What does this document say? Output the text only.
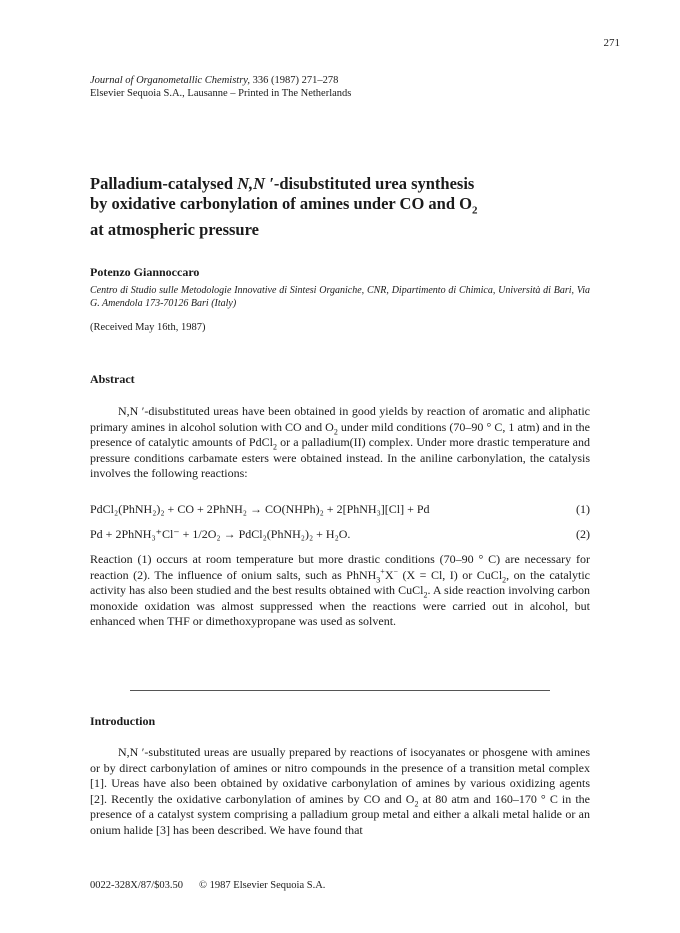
271
Journal of Organometallic Chemistry, 336 (1987) 271–278
Elsevier Sequoia S.A., Lausanne – Printed in The Netherlands
Palladium-catalysed N,N ′-disubstituted urea synthesis
by oxidative carbonylation of amines under CO and $O_2$
at atmospheric pressure
Potenzo Giannoccaro
Centro di Studio sulle Metodologie Innovative di Sintesi Organiche, CNR, Dipartimento di Chimica, Università di Bari, Via G. Amendola 173-70126 Bari (Italy)
(Received May 16th, 1987)
Abstract
N,N ′-disubstituted ureas have been obtained in good yields by reaction of aromatic and aliphatic primary amines in alcohol solution with CO and $O_2$ under mild conditions (70–90 ° C, 1 atm) and in the presence of catalytic amounts of PdCl$_2$ or a palladium(II) complex. Under more drastic temperature and pressure conditions carbamate esters were obtained instead. In the aniline carbonylation, the catalysis involves the following reactions:
PdCl₂(PhNH₂)₂ + CO + 2PhNH₂ → CO(NHPh)₂ + 2[PhNH₃][Cl] + Pd	(1)
Pd + 2PhNH₃⁺Cl⁻ + 1/2O₂ → PdCl₂(PhNH₂)₂ + H₂O.	(2)
Reaction (1) occurs at room temperature but more drastic conditions (70–90 ° C) are necessary for reaction (2). The influence of onium salts, such as PhNH$_3$+X− (X = Cl, I) or CuCl$_2$, on the catalytic activity has also been studied and the best results obtained with CuCl$_2$. A side reaction involving carbon monoxide oxidation was almost suppressed when the reactions were carried out in alcohol, but enhanced when THF or dimethoxypropane was used as solvent.
Introduction
N,N ′-substituted ureas are usually prepared by reactions of isocyanates or phosgene with amines or by direct carbonylation of amines or nitro compounds in the presence of a transition metal complex [1]. Ureas have also been obtained by oxidative carbonylation of amines by various oxidizing agents [2]. Recently the oxidative carbonylation of amines by CO and $O_2$ at 80 atm and 160–170 ° C in the presence of a catalyst system comprising a palladium group metal and either a alkali metal halide or an onium halide [3] has been described. We have found that
0022-328X/87/$03.50 © 1987 Elsevier Sequoia S.A.
